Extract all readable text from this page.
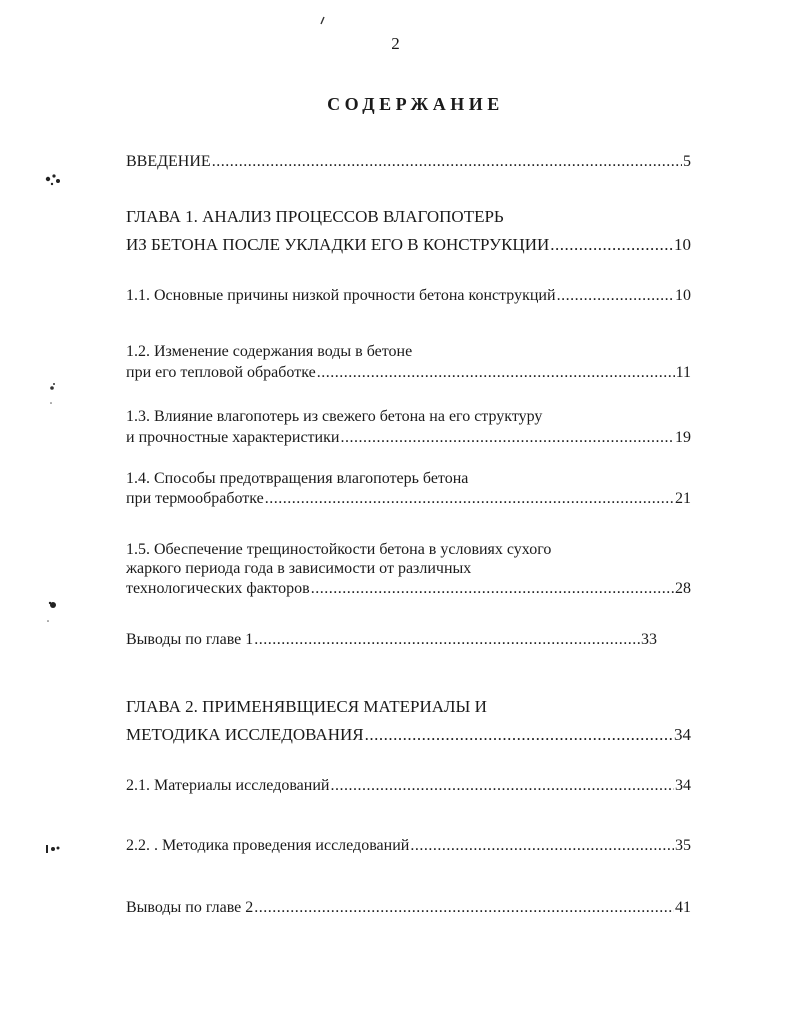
2
СОДЕРЖАНИЕ
ВВЕДЕНИЕ .....	5
ГЛАВА 1. АНАЛИЗ ПРОЦЕССОВ ВЛАГОПОТЕРЬ
ИЗ БЕТОНА ПОСЛЕ УКЛАДКИ ЕГО В КОНСТРУКЦИИ .....	10
1.1. Основные причины низкой прочности бетона конструкций .....	10
1.2. Изменение содержания воды в бетоне
при его тепловой обработке .....	11
1.3. Влияние влагопотерь из свежего бетона на его структуру
и прочностные характеристики .....	19
1.4. Способы предотвращения влагопотерь бетона
при термообработке .....	21
1.5. Обеспечение трещиностойкости бетона в условиях сухого
жаркого периода года в зависимости от различных
технологических факторов .....	28
Выводы по главе 1 .....	33
ГЛАВА 2. ПРИМЕНЯВЩИЕСЯ МАТЕРИАЛЫ И
МЕТОДИКА ИССЛЕДОВАНИЯ .....	34
2.1. Материалы исследований .....	34
2.2. . Методика проведения исследований .....	35
Выводы по главе 2 .....	41
